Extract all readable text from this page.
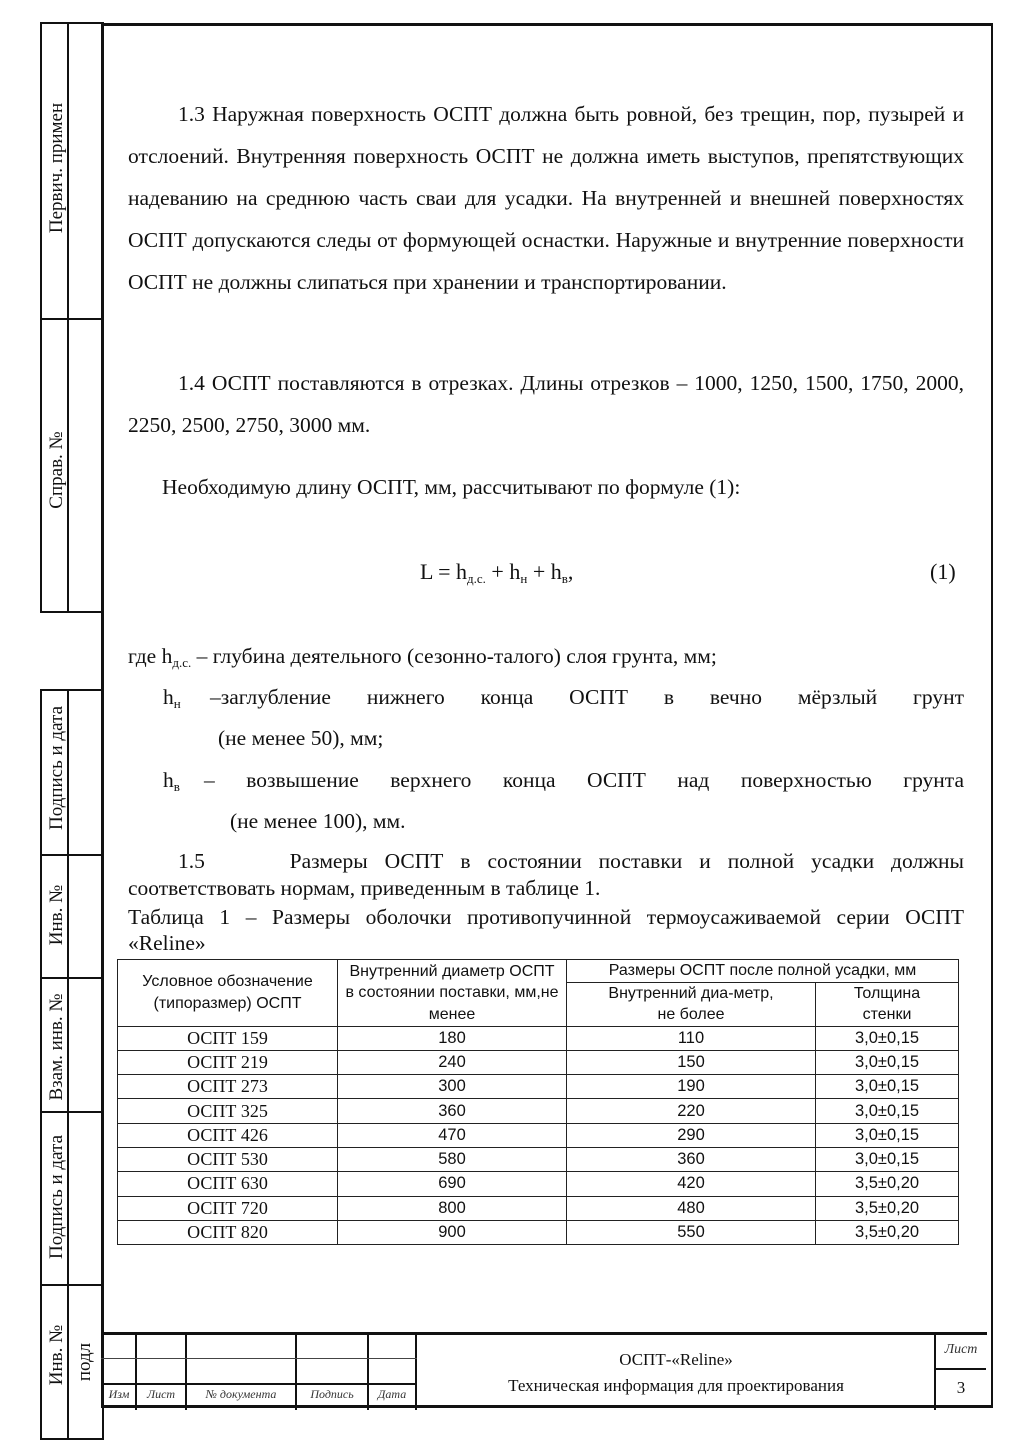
Первич. примен
Справ. №
Подпись и дата
Инв. №
Взам. инв. №
Подпись и дата
Инв. № подл
1.3 Наружная поверхность ОСПТ должна быть ровной, без трещин, пор, пузырей и отслоений. Внутренняя поверхность ОСПТ не должна иметь выступов, препятствующих надеванию на среднюю часть сваи для усадки. На внутренней и внешней поверхностях ОСПТ допускаются следы от формующей оснастки. Наружные и внутренние поверхности ОСПТ не должны слипаться при хранении и транспортировании.
1.4 ОСПТ поставляются в отрезках. Длины отрезков – 1000, 1250, 1500, 1750, 2000, 2250, 2500, 2750, 3000 мм.
Необходимую длину ОСПТ, мм, рассчитывают по формуле (1):
$L = h_{д.с.} + h_н + h_в$,	(1)
где $h_{д.с.}$ – глубина деятельного (сезонно-талого) слоя грунта, мм;
$h_н$ –заглубление нижнего конца ОСПТ в вечно мёрзлый грунт
(не менее 50), мм;
$h_в$ – возвышение верхнего конца ОСПТ над поверхностью грунта
(не менее 100), мм.
1.5     Размеры ОСПТ в состоянии поставки и полной усадки должны соответствовать нормам, приведенным в таблице 1.
Таблица 1 – Размеры оболочки противопучинной термоусаживаемой серии ОСПТ «Reline»
Условное обозначение (типоразмер) ОСПТ	Внутренний диаметр ОСПТ в состоянии поставки, мм,не менее	Размеры ОСПТ после полной усадки, мм	
		Внутренний диа-метр, не более	Толщина стенки
ОСПТ 159	180	110	3,0±0,15
ОСПТ 219	240	150	3,0±0,15
ОСПТ 273	300	190	3,0±0,15
ОСПТ 325	360	220	3,0±0,15
ОСПТ 426	470	290	3,0±0,15
ОСПТ 530	580	360	3,0±0,15
ОСПТ 630	690	420	3,5±0,20
ОСПТ 720	800	480	3,5±0,20
ОСПТ 820	900	550	3,5±0,20
Изм	Лист	№ документа	Подпись	Дата
ОСПТ-«Reline»
Техническая информация для проектирования
Лист
3
